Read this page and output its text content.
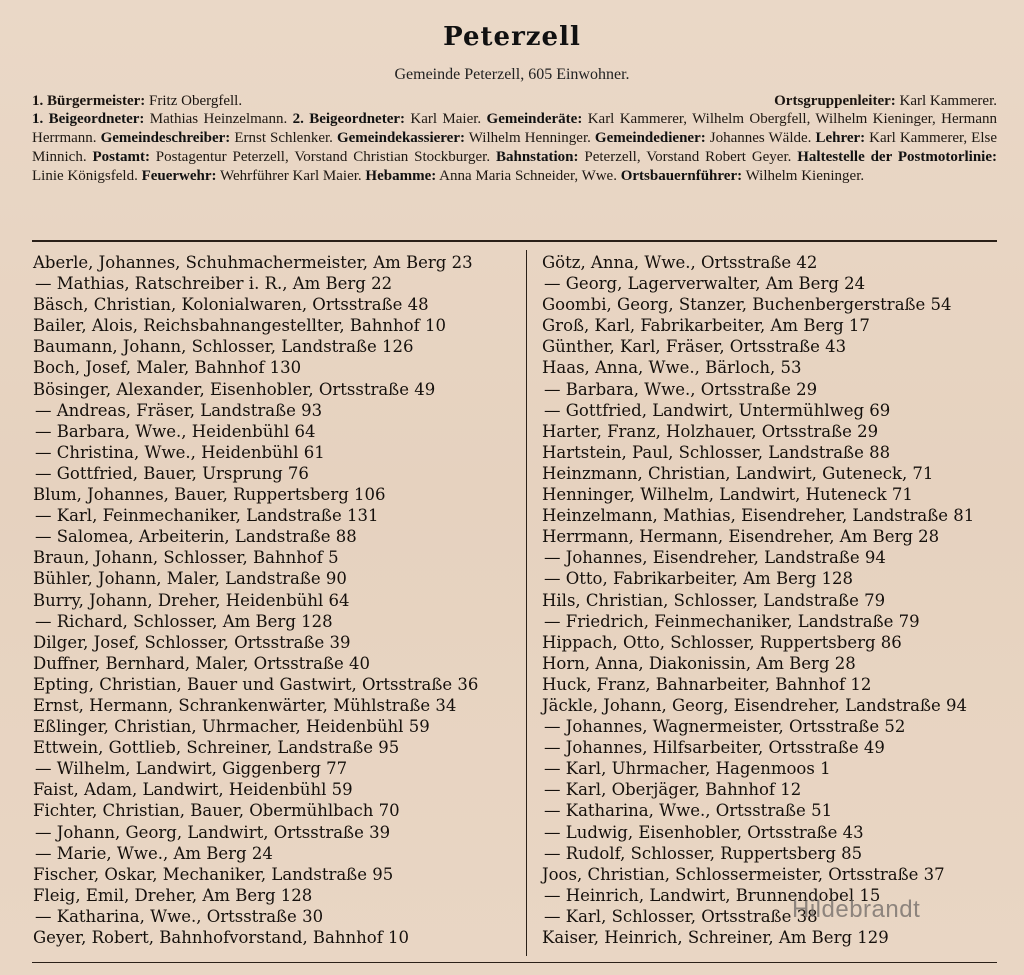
Peterzell
Gemeinde Peterzell, 605 Einwohner.
1. Bürgermeister: Fritz Obergfell.	Ortsgruppenleiter: Karl Kammerer.
1. Beigeordneter: Mathias Heinzelmann. 2. Beigeordneter: Karl Maier. Gemeinderäte: Karl Kammerer, Wilhelm Obergfell, Wilhelm Kieninger, Hermann Herrmann. Gemeindeschreiber: Ernst Schlenker. Gemeindekassierer: Wilhelm Henninger. Gemeindediener: Johannes Wälde. Lehrer: Karl Kammerer, Else Minnich. Postamt: Postagentur Peterzell, Vorstand Christian Stockburger. Bahnstation: Peterzell, Vorstand Robert Geyer. Haltestelle der Postmotorlinie: Linie Königsfeld. Feuerwehr: Wehrführer Karl Maier. Hebamme: Anna Maria Schneider, Wwe. Ortsbauernführer: Wilhelm Kieninger.
Aberle, Johannes, Schuhmachermeister, Am Berg 23
— Mathias, Ratschreiber i. R., Am Berg 22
Bäsch, Christian, Kolonialwaren, Ortsstraße 48
Bailer, Alois, Reichsbahnangestellter, Bahnhof 10
Baumann, Johann, Schlosser, Landstraße 126
Boch, Josef, Maler, Bahnhof 130
Bösinger, Alexander, Eisenhobler, Ortsstraße 49
— Andreas, Fräser, Landstraße 93
— Barbara, Wwe., Heidenbühl 64
— Christina, Wwe., Heidenbühl 61
— Gottfried, Bauer, Ursprung 76
Blum, Johannes, Bauer, Ruppertsberg 106
— Karl, Feinmechaniker, Landstraße 131
— Salomea, Arbeiterin, Landstraße 88
Braun, Johann, Schlosser, Bahnhof 5
Bühler, Johann, Maler, Landstraße 90
Burry, Johann, Dreher, Heidenbühl 64
— Richard, Schlosser, Am Berg 128
Dilger, Josef, Schlosser, Ortsstraße 39
Duffner, Bernhard, Maler, Ortsstraße 40
Epting, Christian, Bauer und Gastwirt, Ortsstraße 36
Ernst, Hermann, Schrankenwärter, Mühlstraße 34
Eßlinger, Christian, Uhrmacher, Heidenbühl 59
Ettwein, Gottlieb, Schreiner, Landstraße 95
— Wilhelm, Landwirt, Giggenberg 77
Faist, Adam, Landwirt, Heidenbühl 59
Fichter, Christian, Bauer, Obermühlbach 70
— Johann, Georg, Landwirt, Ortsstraße 39
— Marie, Wwe., Am Berg 24
Fischer, Oskar, Mechaniker, Landstraße 95
Fleig, Emil, Dreher, Am Berg 128
— Katharina, Wwe., Ortsstraße 30
Geyer, Robert, Bahnhofvorstand, Bahnhof 10
Götz, Anna, Wwe., Ortsstraße 42
— Georg, Lagerverwalter, Am Berg 24
Goombi, Georg, Stanzer, Buchenbergerstraße 54
Groß, Karl, Fabrikarbeiter, Am Berg 17
Günther, Karl, Fräser, Ortsstraße 43
Haas, Anna, Wwe., Bärloch, 53
— Barbara, Wwe., Ortsstraße 29
— Gottfried, Landwirt, Untermühlweg 69
Harter, Franz, Holzhauer, Ortsstraße 29
Hartstein, Paul, Schlosser, Landstraße 88
Heinzmann, Christian, Landwirt, Guteneck, 71
Henninger, Wilhelm, Landwirt, Huteneck 71
Heinzelmann, Mathias, Eisendreher, Landstraße 81
Herrmann, Hermann, Eisendreher, Am Berg 28
— Johannes, Eisendreher, Landstraße 94
— Otto, Fabrikarbeiter, Am Berg 128
Hils, Christian, Schlosser, Landstraße 79
— Friedrich, Feinmechaniker, Landstraße 79
Hippach, Otto, Schlosser, Ruppertsberg 86
Horn, Anna, Diakonissin, Am Berg 28
Huck, Franz, Bahnarbeiter, Bahnhof 12
Jäckle, Johann, Georg, Eisendreher, Landstraße 94
— Johannes, Wagnermeister, Ortsstraße 52
— Johannes, Hilfsarbeiter, Ortsstraße 49
— Karl, Uhrmacher, Hagenmoos 1
— Karl, Oberjäger, Bahnhof 12
— Katharina, Wwe., Ortsstraße 51
— Ludwig, Eisenhobler, Ortsstraße 43
— Rudolf, Schlosser, Ruppertsberg 85
Joos, Christian, Schlossermeister, Ortsstraße 37
— Heinrich, Landwirt, Brunnendobel 15
— Karl, Schlosser, Ortsstraße 38
Kaiser, Heinrich, Schreiner, Am Berg 129
Hildebrandt
